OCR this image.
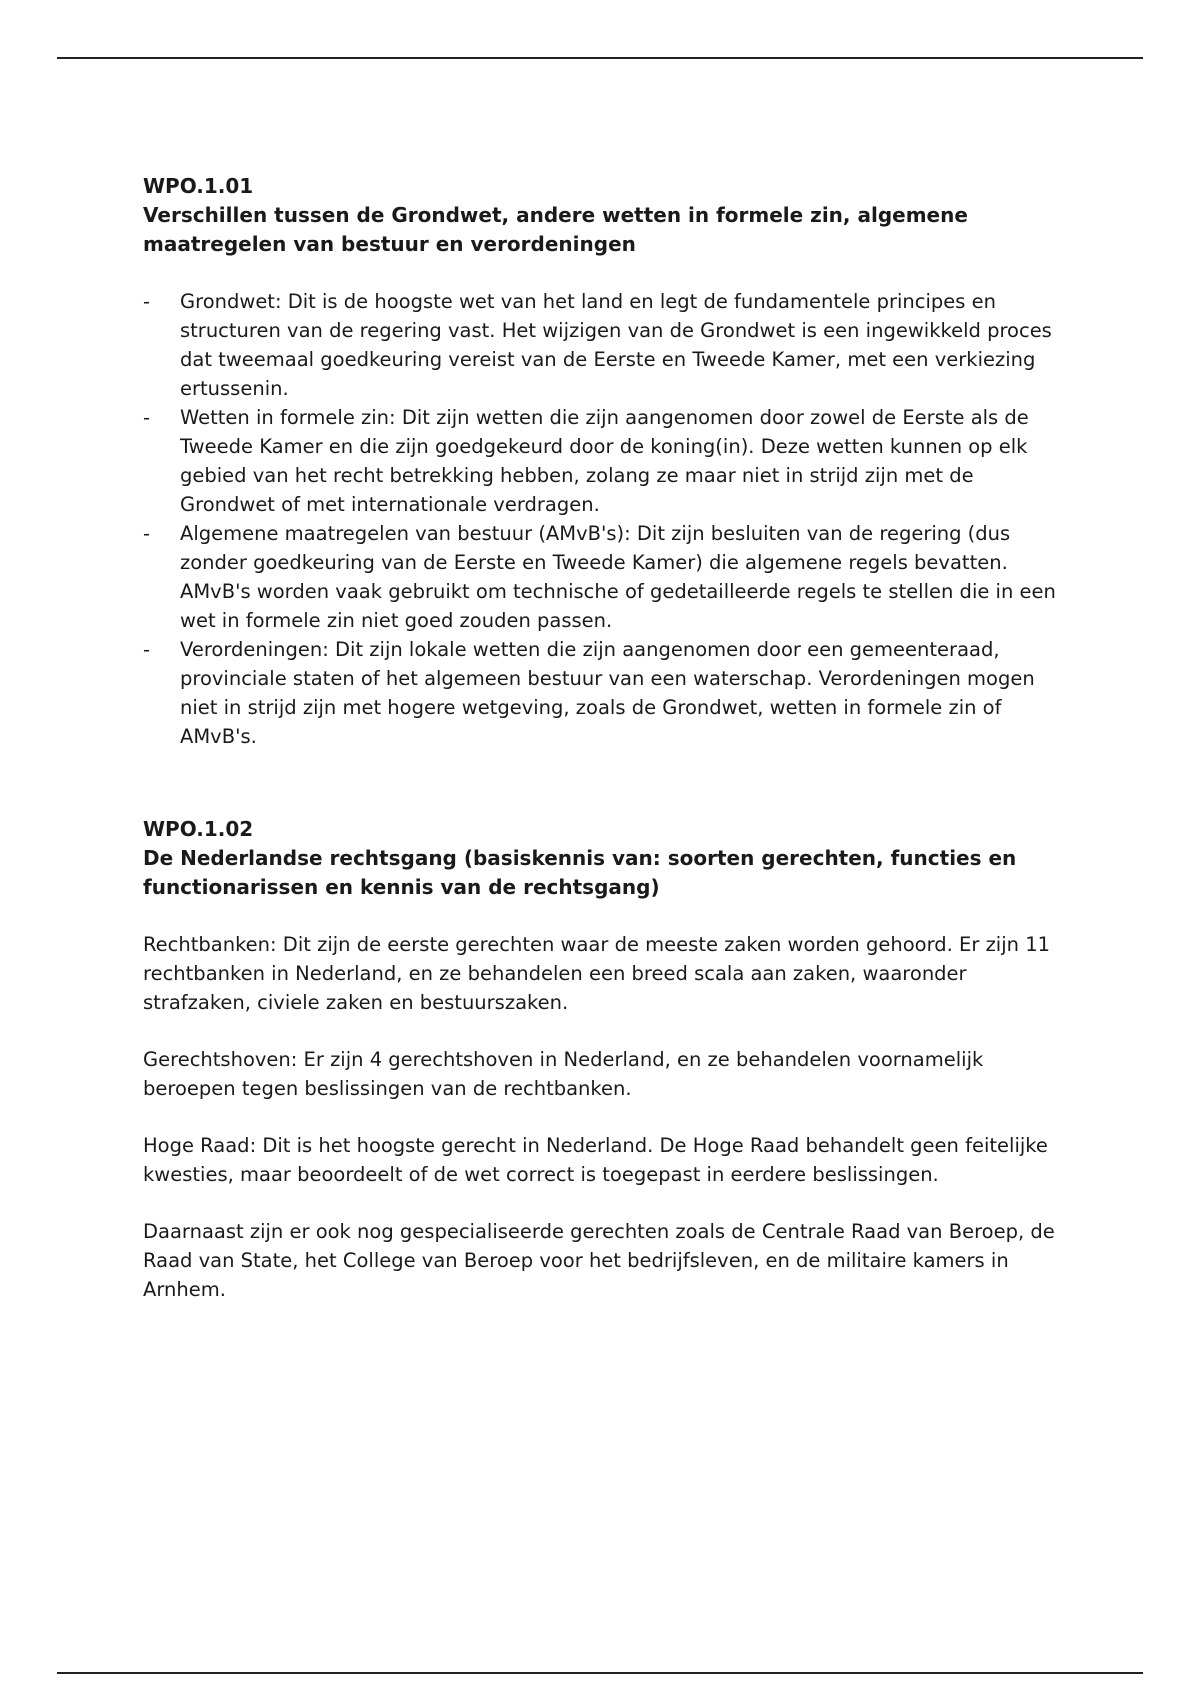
WPO.1.01

Verschillen tussen de Grondwet, andere wetten in formele zin, algemene maatregelen van bestuur en verordeningen

- Grondwet: Dit is de hoogste wet van het land en legt de fundamentele principes en structuren van de regering vast. Het wijzigen van de Grondwet is een ingewikkeld proces dat tweemaal goedkeuring vereist van de Eerste en Tweede Kamer, met een verkiezing ertussenin.
- Wetten in formele zin: Dit zijn wetten die zijn aangenomen door zowel de Eerste als de Tweede Kamer en die zijn goedgekeurd door de koning(in). Deze wetten kunnen op elk gebied van het recht betrekking hebben, zolang ze maar niet in strijd zijn met de Grondwet of met internationale verdragen.
- Algemene maatregelen van bestuur (AMvB's): Dit zijn besluiten van de regering (dus zonder goedkeuring van de Eerste en Tweede Kamer) die algemene regels bevatten. AMvB's worden vaak gebruikt om technische of gedetailleerde regels te stellen die in een wet in formele zin niet goed zouden passen.
- Verordeningen: Dit zijn lokale wetten die zijn aangenomen door een gemeenteraad, provinciale staten of het algemeen bestuur van een waterschap. Verordeningen mogen niet in strijd zijn met hogere wetgeving, zoals de Grondwet, wetten in formele zin of AMvB's.

WPO.1.02

De Nederlandse rechtsgang (basiskennis van: soorten gerechten, functies en functionarissen en kennis van de rechtsgang)

Rechtbanken: Dit zijn de eerste gerechten waar de meeste zaken worden gehoord. Er zijn 11 rechtbanken in Nederland, en ze behandelen een breed scala aan zaken, waaronder strafzaken, civiele zaken en bestuurszaken.

Gerechtshoven: Er zijn 4 gerechtshoven in Nederland, en ze behandelen voornamelijk beroepen tegen beslissingen van de rechtbanken.

Hoge Raad: Dit is het hoogste gerecht in Nederland. De Hoge Raad behandelt geen feitelijke kwesties, maar beoordeelt of de wet correct is toegepast in eerdere beslissingen.

Daarnaast zijn er ook nog gespecialiseerde gerechten zoals de Centrale Raad van Beroep, de Raad van State, het College van Beroep voor het bedrijfsleven, en de militaire kamers in Arnhem.
